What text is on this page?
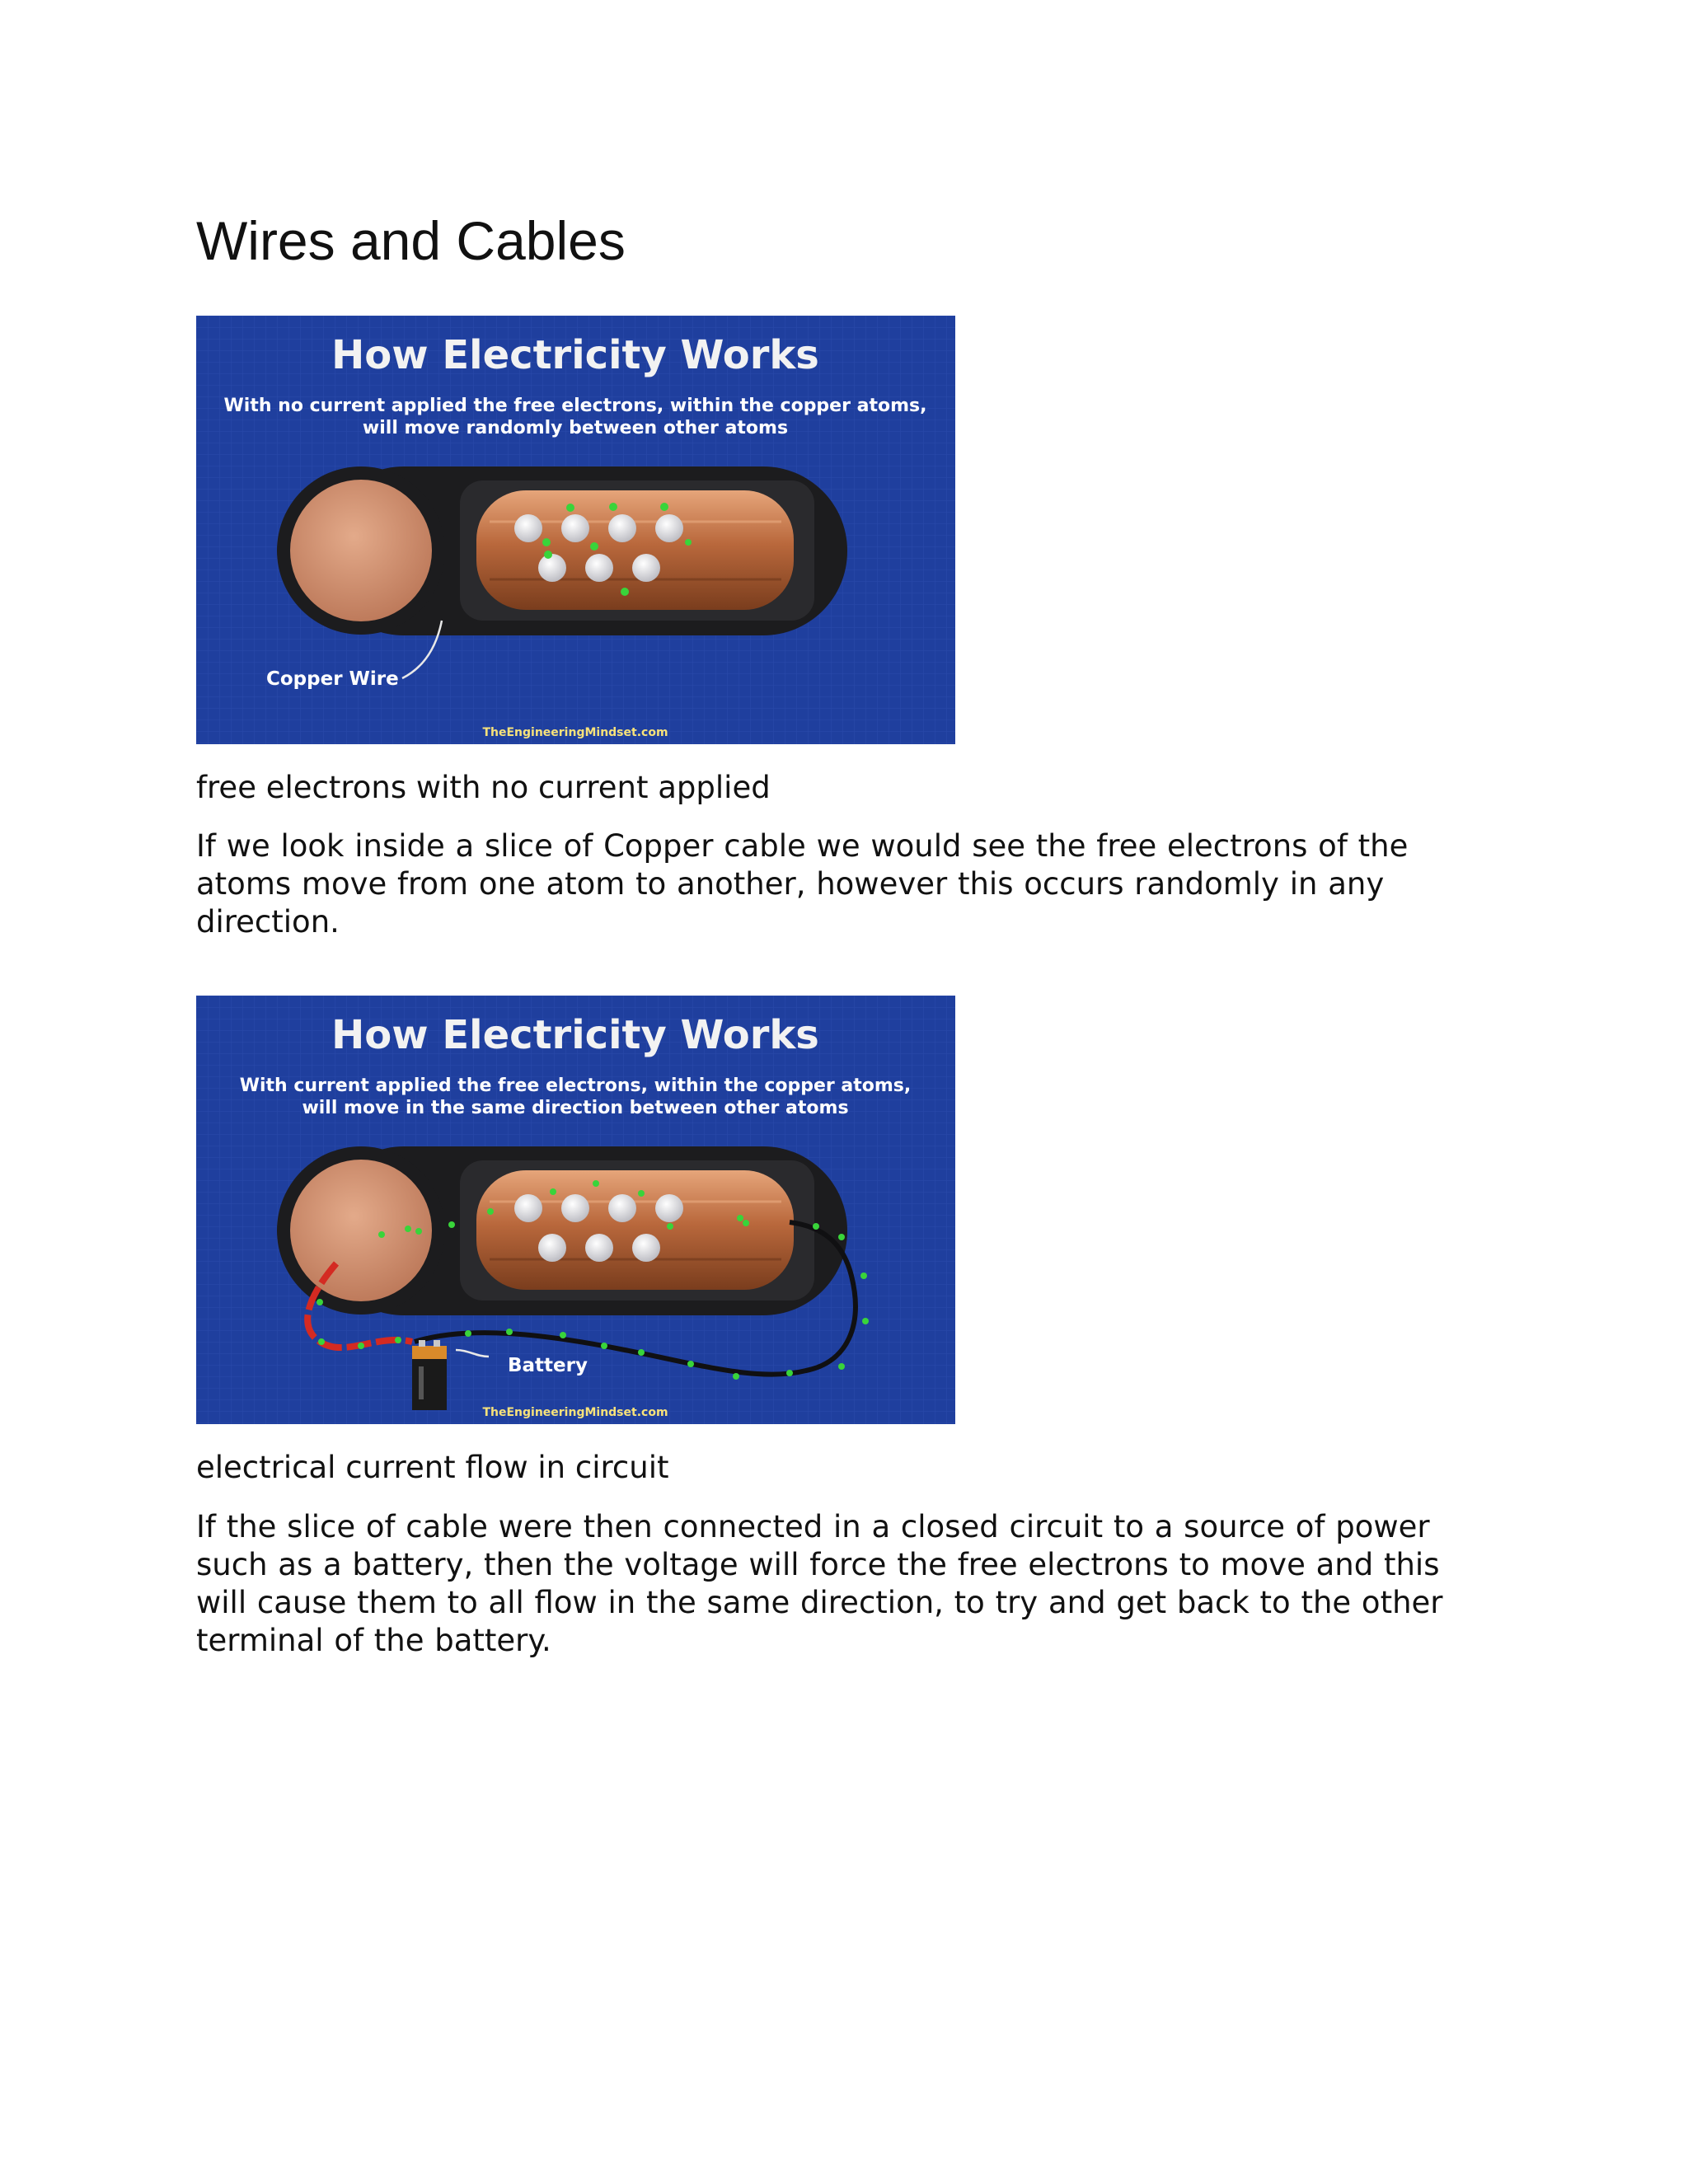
Wires and Cables
How Electricity Works
With no current applied the free electrons, within the copper atoms,
will move randomly between other atoms
Copper Wire
TheEngineeringMindset.com

free electrons with no current applied

If we look inside a slice of Copper cable we would see the free electrons of the atoms move from one atom to another, however this occurs randomly in any direction.

How Electricity Works
With current applied the free electrons, within the copper atoms,
will move in the same direction between other atoms
Battery
TheEngineeringMindset.com

electrical current flow in circuit

If the slice of cable were then connected in a closed circuit to a source of power such as a battery, then the voltage will force the free electrons to move and this will cause them to all flow in the same direction, to try and get back to the other terminal of the battery.
